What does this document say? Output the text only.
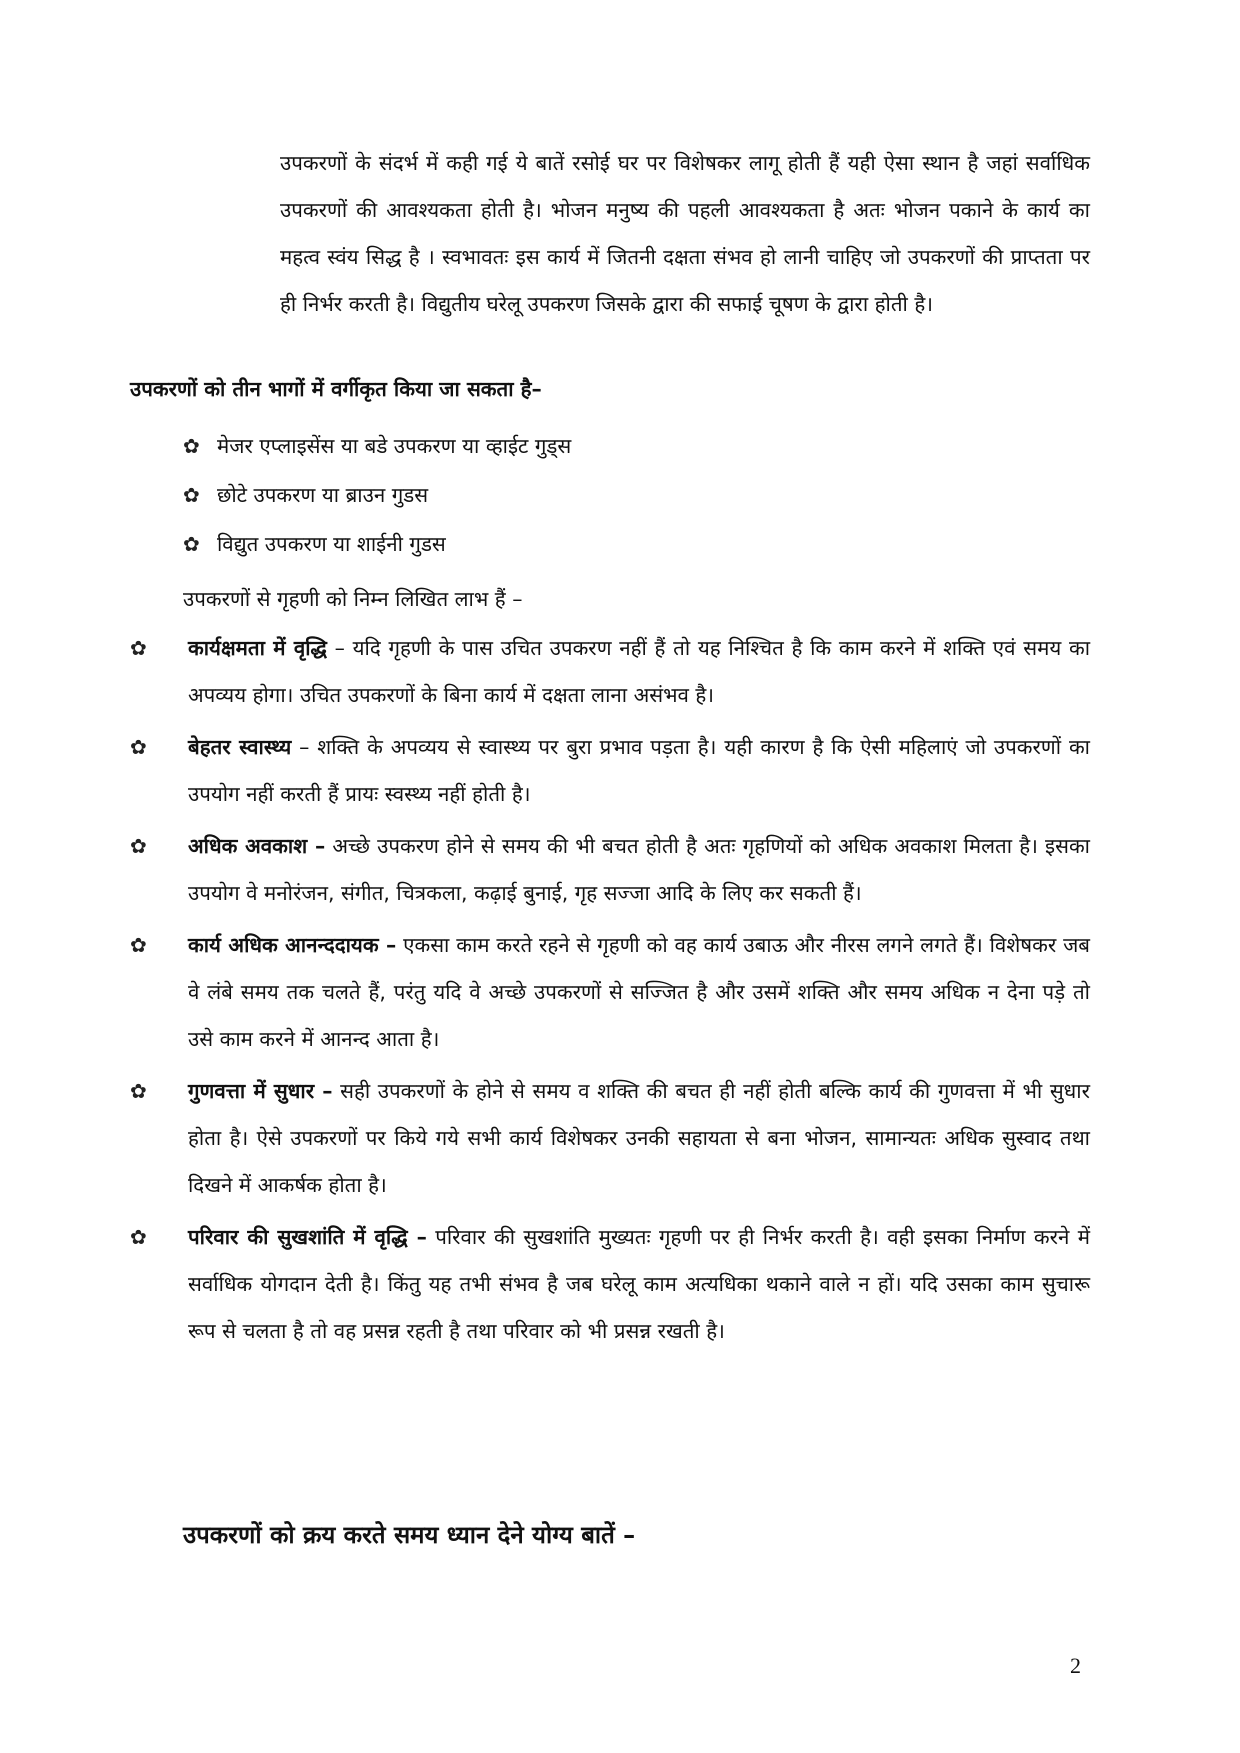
उपकरणों के संदर्भ में कही गई ये बातें रसोई घर पर विशेषकर लागू होती हैं यही ऐसा स्थान है जहां सर्वाधिक उपकरणों की आवश्यकता होती है। भोजन मनुष्य की पहली आवश्यकता है अतः भोजन पकाने के कार्य का महत्व स्वंय सिद्ध है । स्वभावतः इस कार्य में जितनी दक्षता संभव हो लानी चाहिए जो उपकरणों की प्राप्तता पर ही निर्भर करती है। विद्युतीय घरेलू उपकरण जिसके द्वारा की सफाई चूषण के द्वारा होती है।

उपकरणों को तीन भागों में वर्गीकृत किया जा सकता है–

✿ मेजर एप्लाइसेंस या बडे उपकरण या व्हाईट गुड्स
✿ छोटे उपकरण या ब्राउन गुडस
✿ विद्युत उपकरण या शाईनी गुडस

उपकरणों से गृहणी को निम्न लिखित लाभ हैं –

✿	कार्यक्षमता में वृद्धि – यदि गृहणी के पास उचित उपकरण नहीं हैं तो यह निश्चित है कि काम करने में शक्ति एवं समय का अपव्यय होगा। उचित उपकरणों के बिना कार्य में दक्षता लाना असंभव है।

✿	बेहतर स्वास्थ्य – शक्ति के अपव्यय से स्वास्थ्य पर बुरा प्रभाव पड़ता है। यही कारण है कि ऐसी महिलाएं जो उपकरणों का उपयोग नहीं करती हैं प्रायः स्वस्थ्य नहीं होती है।

✿	अधिक अवकाश – अच्छे उपकरण होने से समय की भी बचत होती है अतः गृहणियों को अधिक अवकाश मिलता है। इसका उपयोग वे मनोरंजन, संगीत, चित्रकला, कढ़ाई बुनाई, गृह सज्जा आदि के लिए कर सकती हैं।

✿	कार्य अधिक आनन्ददायक – एकसा काम करते रहने से गृहणी को वह कार्य उबाऊ और नीरस लगने लगते हैं। विशेषकर जब वे लंबे समय तक चलते हैं, परंतु यदि वे अच्छे उपकरणों से सज्जित है और उसमें शक्ति और समय अधिक न देना पड़े तो उसे काम करने में आनन्द आता है।

✿	गुणवत्ता में सुधार – सही उपकरणों के होने से समय व शक्ति की बचत ही नहीं होती बल्कि कार्य की गुणवत्ता में भी सुधार होता है। ऐसे उपकरणों पर किये गये सभी कार्य विशेषकर उनकी सहायता से बना भोजन, सामान्यतः अधिक सुस्वाद तथा दिखने में आकर्षक होता है।

✿	परिवार की सुखशांति में वृद्धि – परिवार की सुखशांति मुख्यतः गृहणी पर ही निर्भर करती है। वही इसका निर्माण करने में सर्वाधिक योगदान देती है। किंतु यह तभी संभव है जब घरेलू काम अत्यधिका थकाने वाले न हों। यदि उसका काम सुचारू रूप से चलता है तो वह प्रसन्न रहती है तथा परिवार को भी प्रसन्न रखती है।

उपकरणों को क्रय करते समय ध्यान देने योग्य बातें –

2
